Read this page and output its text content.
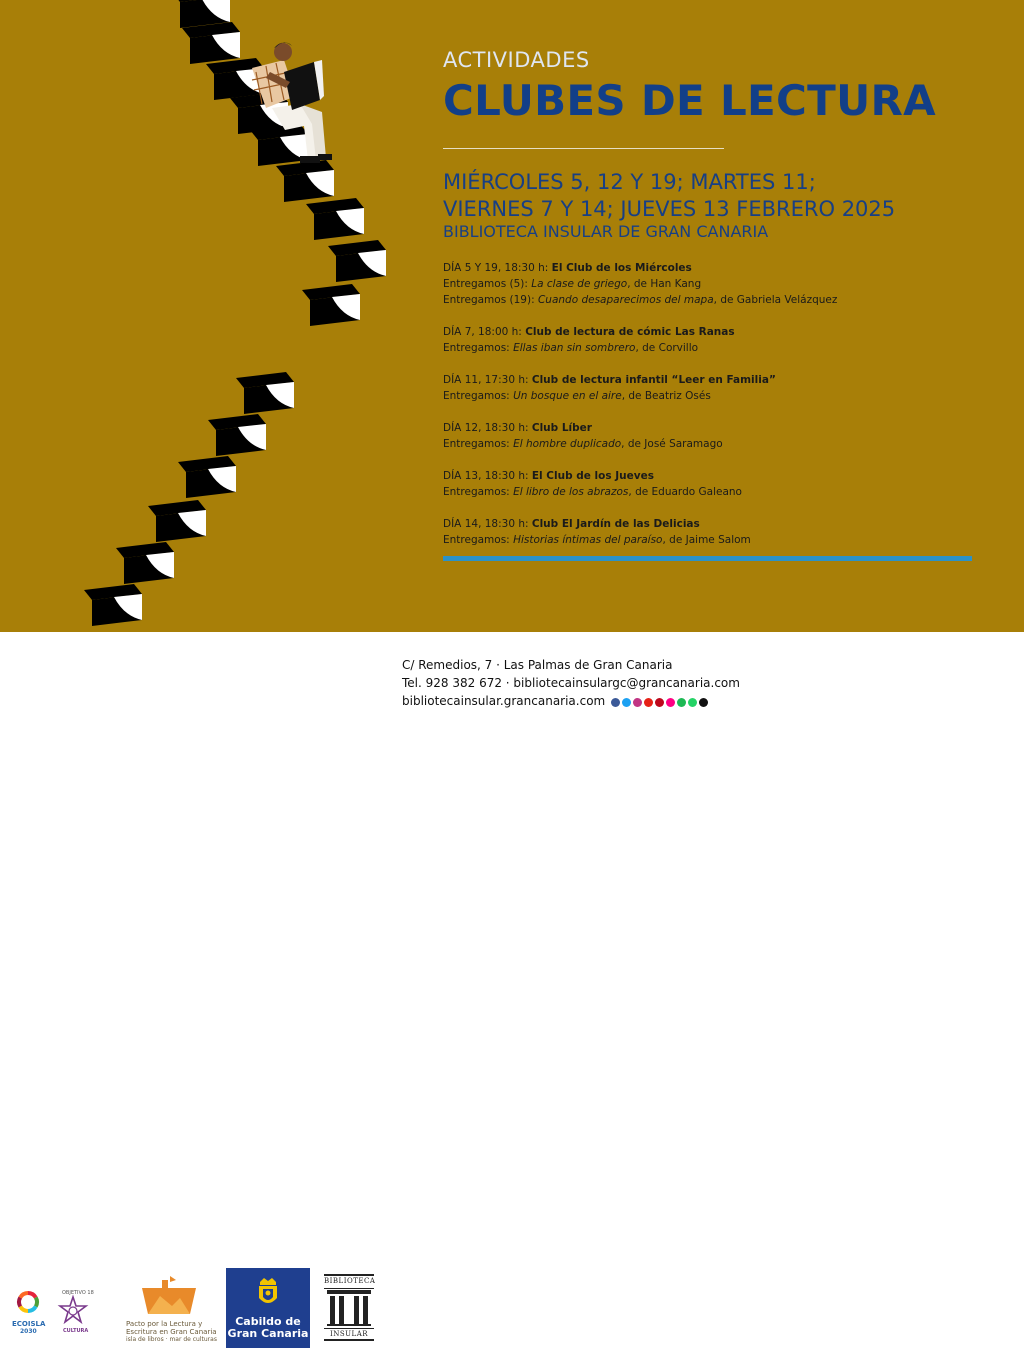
ACTIVIDADES

CLUBES DE LECTURA
MIÉRCOLES 5, 12 Y 19; MARTES 11;
VIERNES 7 Y 14; JUEVES 13 FEBRERO 2025
BIBLIOTECA INSULAR DE GRAN CANARIA
DÍA 5 Y 19, 18:30 h: El Club de los Miércoles
Entregamos (5): La clase de griego, de Han Kang
Entregamos (19): Cuando desaparecimos del mapa, de Gabriela Velázquez
DÍA 7, 18:00 h: Club de lectura de cómic Las Ranas
Entregamos: Ellas iban sin sombrero, de Corvillo
DÍA 11, 17:30 h: Club de lectura infantil “Leer en Familia”
Entregamos: Un bosque en el aire, de Beatriz Osés
DÍA 12, 18:30 h: Club Líber
Entregamos: El hombre duplicado, de José Saramago
DÍA 13, 18:30 h: El Club de los Jueves
Entregamos: El libro de los abrazos, de Eduardo Galeano
DÍA 14, 18:30 h: Club El Jardín de las Delicias
Entregamos: Historias íntimas del paraíso, de Jaime Salom
ECOISLA
2030
OBJETIVO 18
CULTURA
Pacto por la Lectura y
Escritura en Gran Canaria
isla de libros · mar de culturas
Cabildo de
Gran Canaria
BIBLIOTECA
INSULAR
C/ Remedios, 7 · Las Palmas de Gran Canaria
Tel. 928 382 672 · bibliotecainsulargc@grancanaria.com
bibliotecainsular.grancanaria.com
